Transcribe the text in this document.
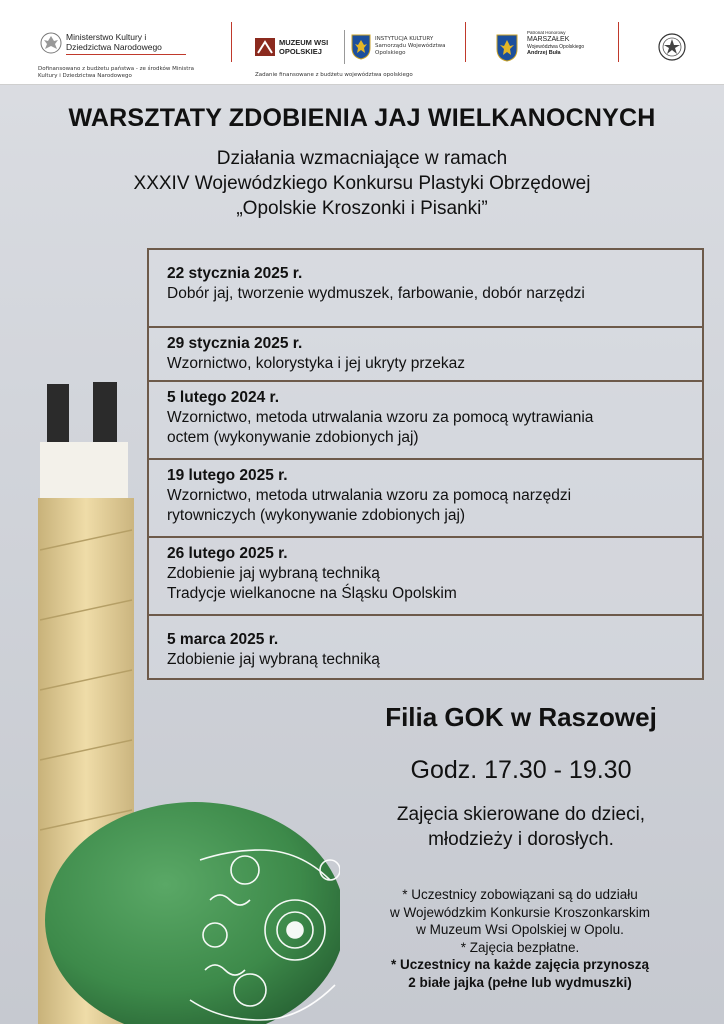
Ministerstwo Kultury i Dziedzictwa Narodowego
Dofinansowano z budżetu państwa - ze środków Ministra Kultury i Dziedzictwa Narodowego
MUZEUM WSI OPOLSKIEJ
INSTYTUCJA KULTURY Samorządu Województwa Opolskiego
Zadanie finansowane z budżetu województwa opolskiego
Patronat Honorowy
MARSZAŁEK
Województwa Opolskiego
Andrzej Buła
WARSZTATY ZDOBIENIA JAJ WIELKANOCNYCH
Działania wzmacniające w ramach
XXXIV Wojewódzkiego Konkursu Plastyki Obrzędowej
„Opolskie Kroszonki i Pisanki”
22 stycznia 2025 r.
Dobór jaj, tworzenie wydmuszek, farbowanie, dobór narzędzi
29 stycznia 2025 r.
Wzornictwo, kolorystyka i jej ukryty przekaz
5 lutego 2024 r.
Wzornictwo, metoda utrwalania wzoru za pomocą wytrawiania
octem (wykonywanie zdobionych jaj)
19 lutego 2025 r.
Wzornictwo, metoda utrwalania wzoru za pomocą narzędzi
rytowniczych (wykonywanie zdobionych jaj)
26 lutego 2025 r.
Zdobienie jaj wybraną techniką
Tradycje wielkanocne na Śląsku Opolskim
5 marca 2025 r.
Zdobienie jaj wybraną techniką
Filia GOK w Raszowej
Godz. 17.30 - 19.30
Zajęcia skierowane do dzieci,
młodzieży i dorosłych.
* Uczestnicy zobowiązani są do udziału
w Wojewódzkim Konkursie Kroszonkarskim
w Muzeum Wsi Opolskiej w Opolu.
* Zajęcia bezpłatne.
* Uczestnicy na każde zajęcia przynoszą
2 białe jajka (pełne lub wydmuszki)
